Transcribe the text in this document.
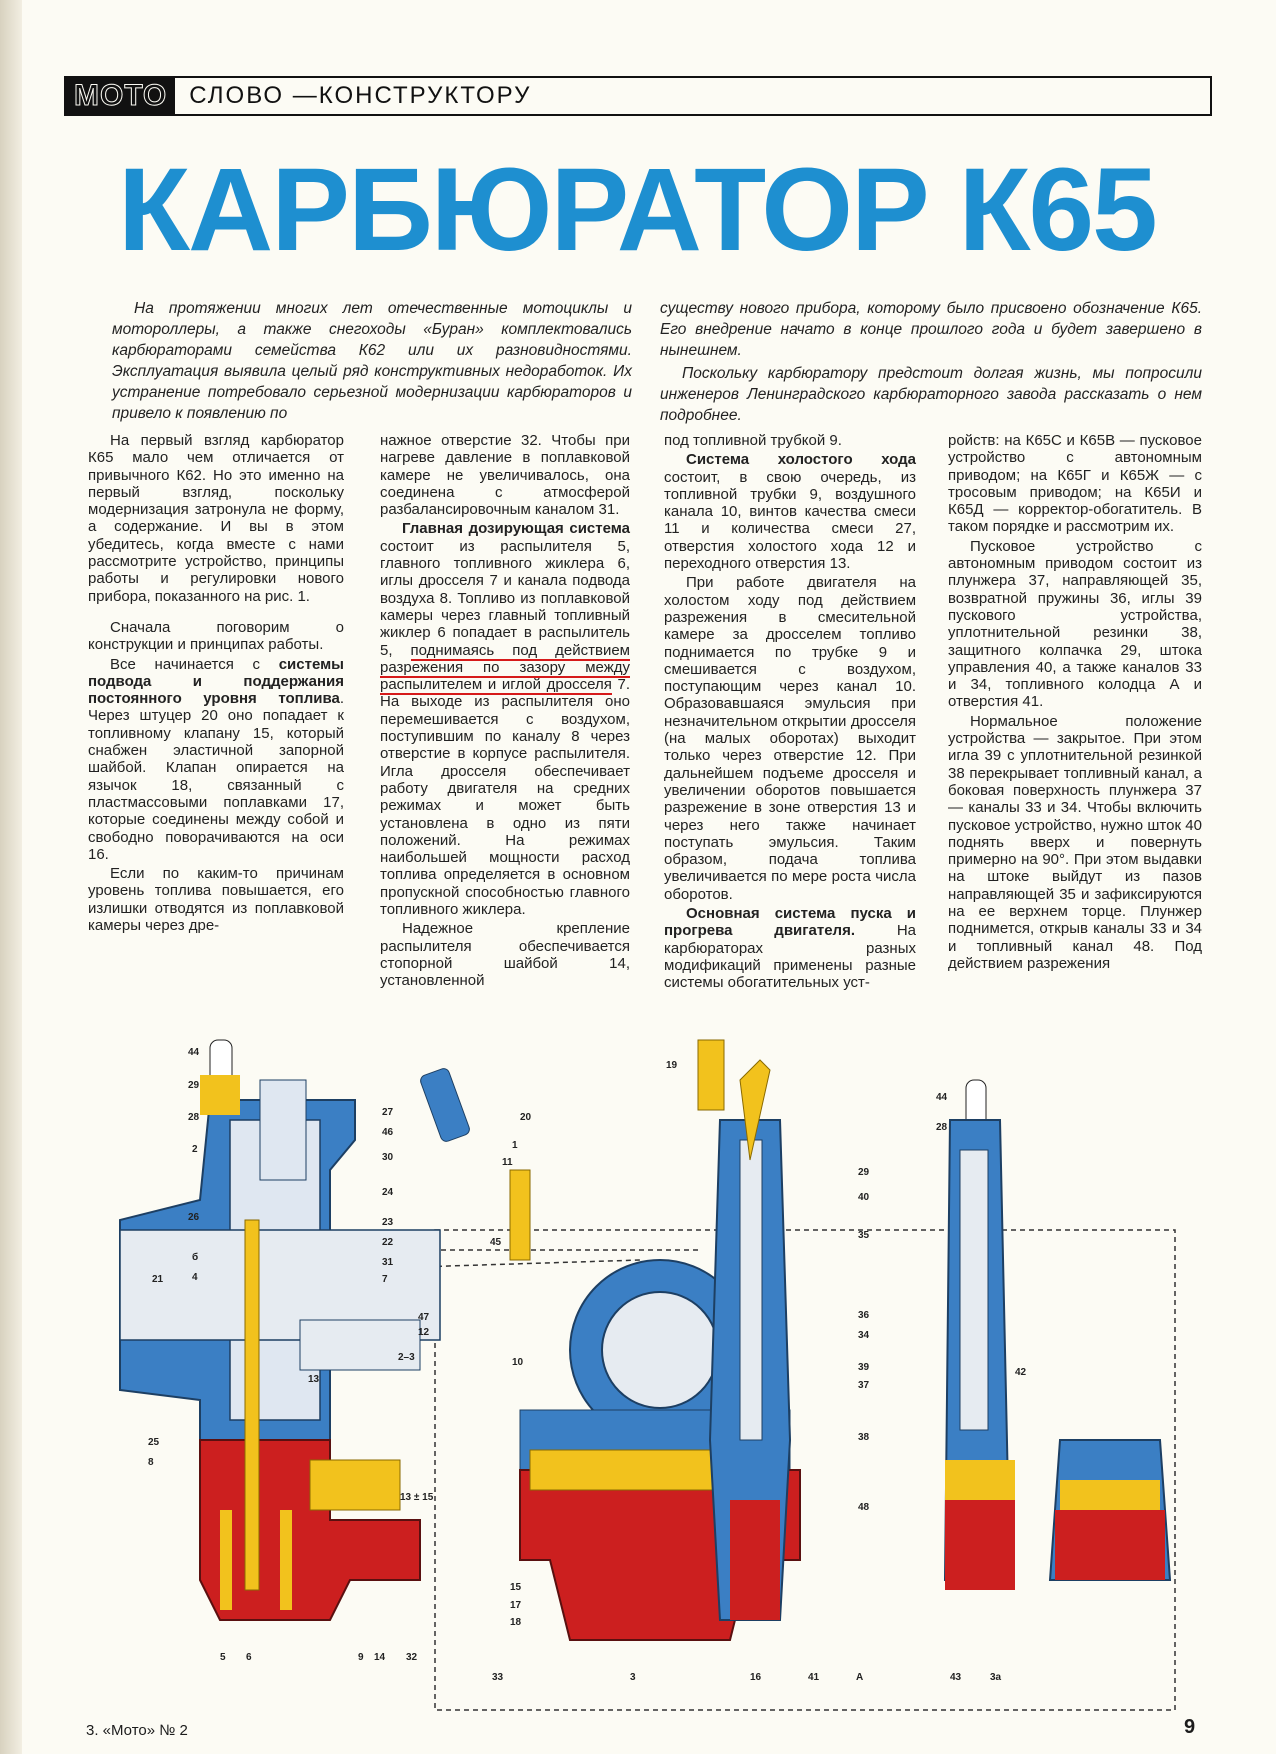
МОТО СЛОВО —КОНСТРУКТОРУ
КАРБЮРАТОР К65

На протяжении многих лет отечественные мотоциклы и мотороллеры, а также снегоходы «Буран» комплектовались карбюраторами семейства К62 или их разновидностями. Эксплуатация выявила целый ряд конструктивных недоработок. Их устранение потребовало серьезной модернизации карбюраторов и привело к появлению по

существу нового прибора, которому было присвоено обозначение К65. Его внедрение начато в конце прошлого года и будет завершено в нынешнем.

Поскольку карбюратору предстоит долгая жизнь, мы попросили инженеров Ленинградского карбюраторного завода рассказать о нем подробнее.

На первый взгляд карбюратор К65 мало чем отличается от привычного К62. Но это именно на первый взгляд, поскольку модернизация затронула не форму, а содержание. И вы в этом убедитесь, когда вместе с нами рассмотрите устройство, принципы работы и регулировки нового прибора, показанного на рис. 1.

Сначала поговорим о конструкции и принципах работы.

Все начинается с системы подвода и поддержания постоянного уровня топлива. Через штуцер 20 оно попадает к топливному клапану 15, который снабжен эластичной запорной шайбой. Клапан опирается на язычок 18, связанный с пластмассовыми поплавками 17, которые соединены между собой и свободно поворачиваются на оси 16.

Если по каким-то причинам уровень топлива повышается, его излишки отводятся из поплавковой камеры через дре-

нажное отверстие 32. Чтобы при нагреве давление в поплавковой камере не увеличивалось, она соединена с атмосферой разбалансировочным каналом 31.

Главная дозирующая система состоит из распылителя 5, главного топливного жиклера 6, иглы дросселя 7 и канала подвода воздуха 8. Топливо из поплавковой камеры через главный топливный жиклер 6 попадает в распылитель 5, поднимаясь под действием разрежения по зазору между распылителем и иглой дросселя 7. На выходе из распылителя оно перемешивается с воздухом, поступившим по каналу 8 через отверстие в корпусе распылителя. Игла дросселя обеспечивает работу двигателя на средних режимах и может быть установлена в одно из пяти положений. На режимах наибольшей мощности расход топлива определяется в основном пропускной способностью главного топливного жиклера.

Надежное крепление распылителя обеспечивается стопорной шайбой 14, установленной

под топливной трубкой 9.

Система холостого хода состоит, в свою очередь, из топливной трубки 9, воздушного канала 10, винтов качества смеси 11 и количества смеси 27, отверстия холостого хода 12 и переходного отверстия 13.

При работе двигателя на холостом ходу под действием разрежения в смесительной камере за дросселем топливо поднимается по трубке 9 и смешивается с воздухом, поступающим через канал 10. Образовавшаяся эмульсия при незначительном открытии дросселя (на малых оборотах) выходит только через отверстие 12. При дальнейшем подъеме дросселя и увеличении оборотов повышается разрежение в зоне отверстия 13 и через него также начинает поступать эмульсия. Таким образом, подача топлива увеличивается по мере роста числа оборотов.

Основная система пуска и прогрева двигателя. На карбюраторах разных модификаций применены разные системы обогатительных уст-

ройств: на К65С и К65В — пусковое устройство с автономным приводом; на К65Г и К65Ж — с тросовым приводом; на К65И и К65Д — корректор-обогатитель. В таком порядке и рассмотрим их.

Пусковое устройство с автономным приводом состоит из плунжера 37, направляющей 35, возвратной пружины 36, иглы 39 пускового устройства, уплотнительной резинки 38, защитного колпачка 29, штока управления 40, а также каналов 33 и 34, топливного колодца А и отверстия 41.

Нормальное положение устройства — закрытое. При этом игла 39 с уплотнительной резинкой 38 перекрывает топливный канал, а боковая поверхность плунжера 37 — каналы 33 и 34. Чтобы включить пусковое устройство, нужно шток 40 поднять вверх и повернуть примерно на 90°. При этом выдавки на штоке выйдут из пазов направляющей 35 и зафиксируются на ее верхнем торце. Плунжер поднимется, открыв каналы 33 и 34 и топливный канал 48. Под действием разрежения

44
29
28
2
27
46
30
24
26	23
22
31
7
б
4
21
47
12
13
2–3
25
8
13 ± 15
5 6	9 14 32
20
19
1
11
45
10
15
17
18
33	3	16	41	А
29
40
35
36
34
39
37
38
48
44
28
42
43	3а
3. «Мото» № 2	9
